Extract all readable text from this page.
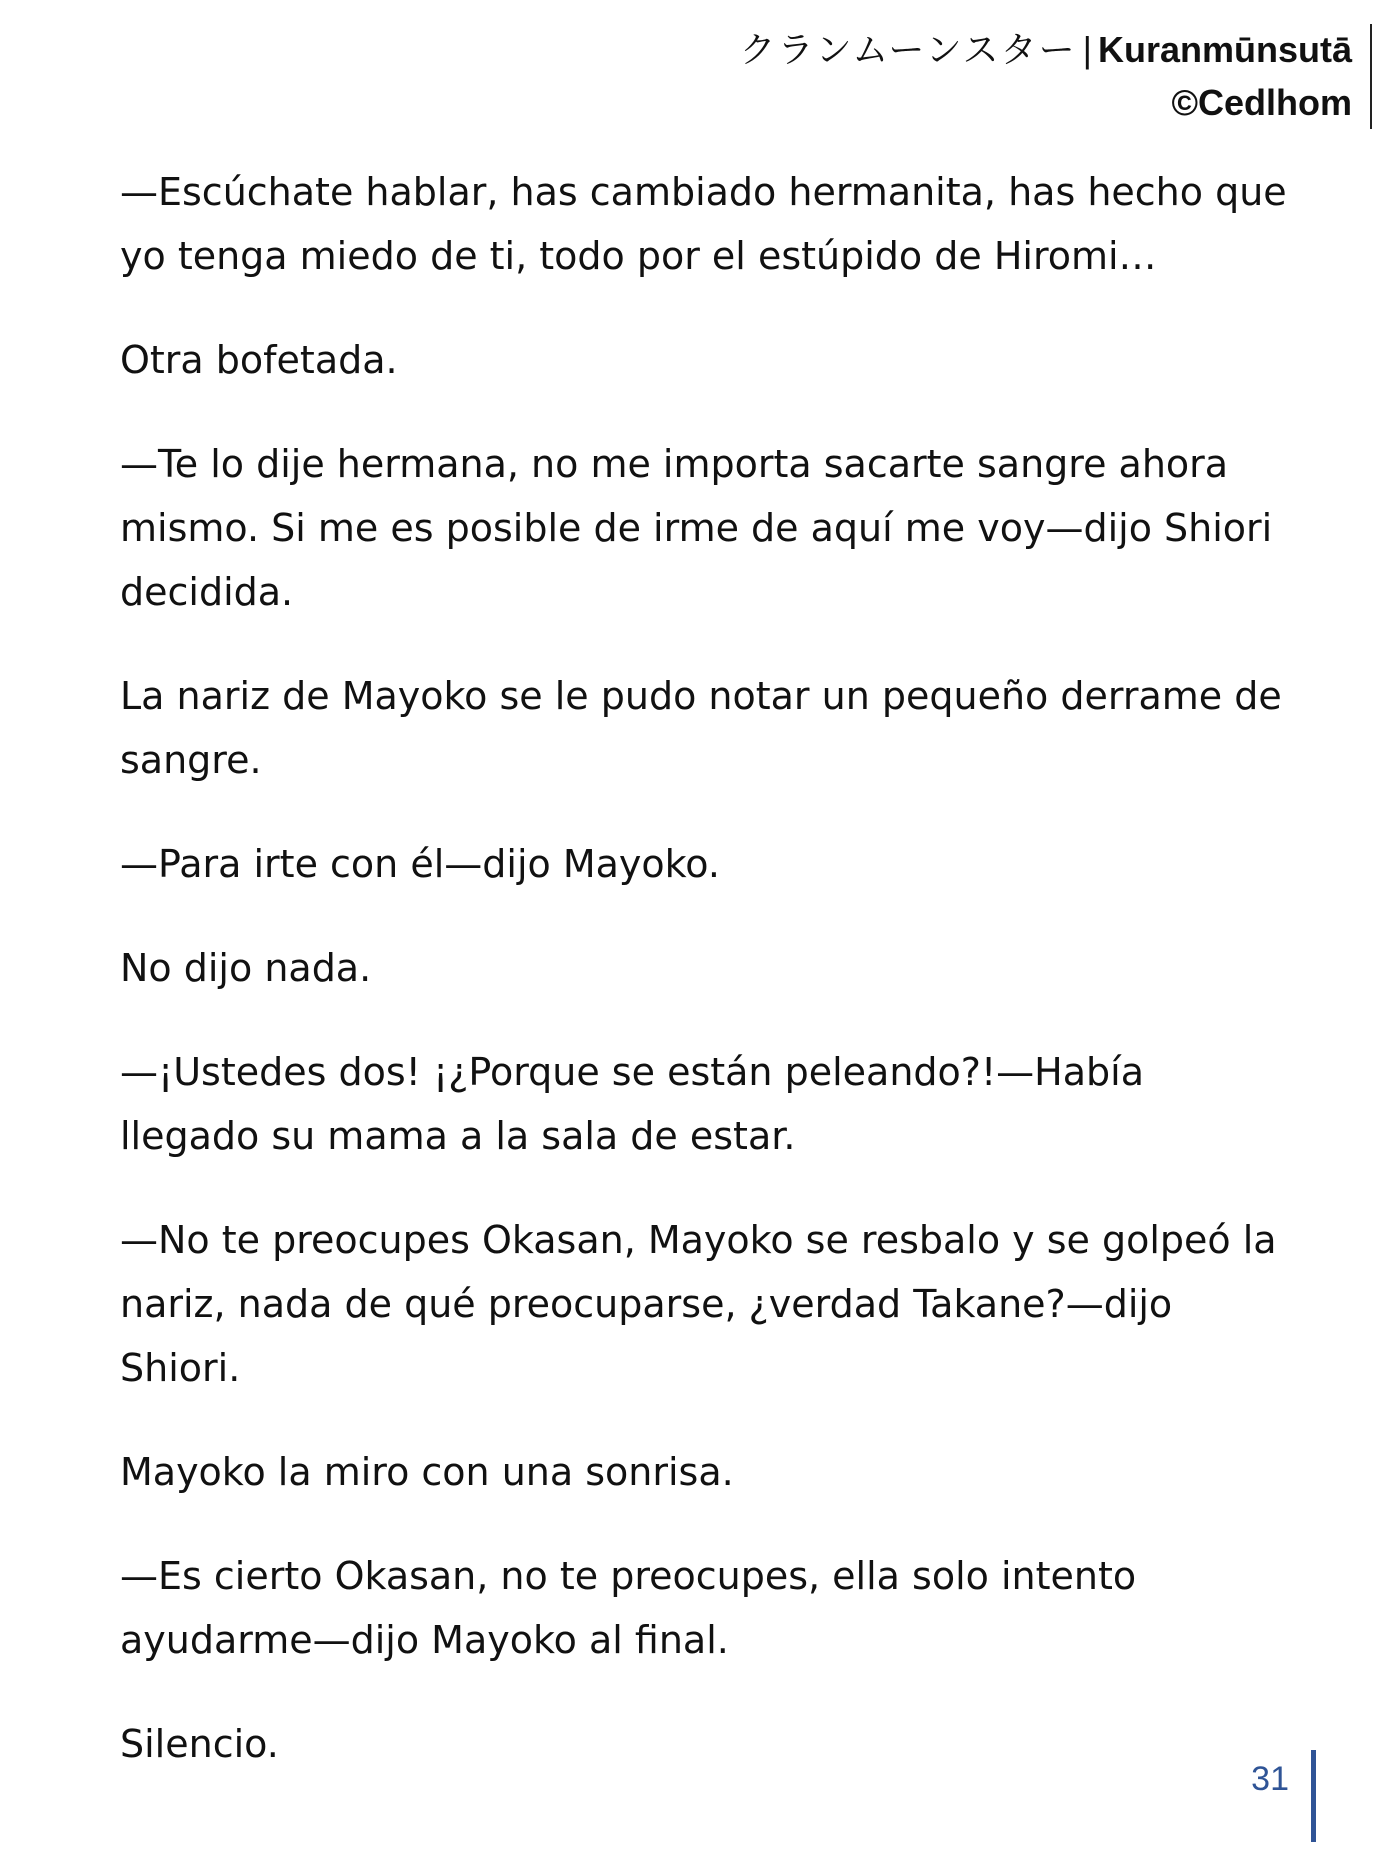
クランムーンスター | Kuranmūnsutā
©Cedlhom

—Escúchate hablar, has cambiado hermanita, has hecho que yo tenga miedo de ti, todo por el estúpido de Hiromi…

Otra bofetada.

—Te lo dije hermana, no me importa sacarte sangre ahora mismo. Si me es posible de irme de aquí me voy—dijo Shiori decidida.

La nariz de Mayoko se le pudo notar un pequeño derrame de sangre.

—Para irte con él—dijo Mayoko.

No dijo nada.

—¡Ustedes dos! ¡¿Porque se están peleando?!—Había llegado su mama a la sala de estar.

—No te preocupes Okasan, Mayoko se resbalo y se golpeó la nariz, nada de qué preocuparse, ¿verdad Takane?—dijo Shiori.

Mayoko la miro con una sonrisa.

—Es cierto Okasan, no te preocupes, ella solo intento ayudarme—dijo Mayoko al final.

Silencio.

31
